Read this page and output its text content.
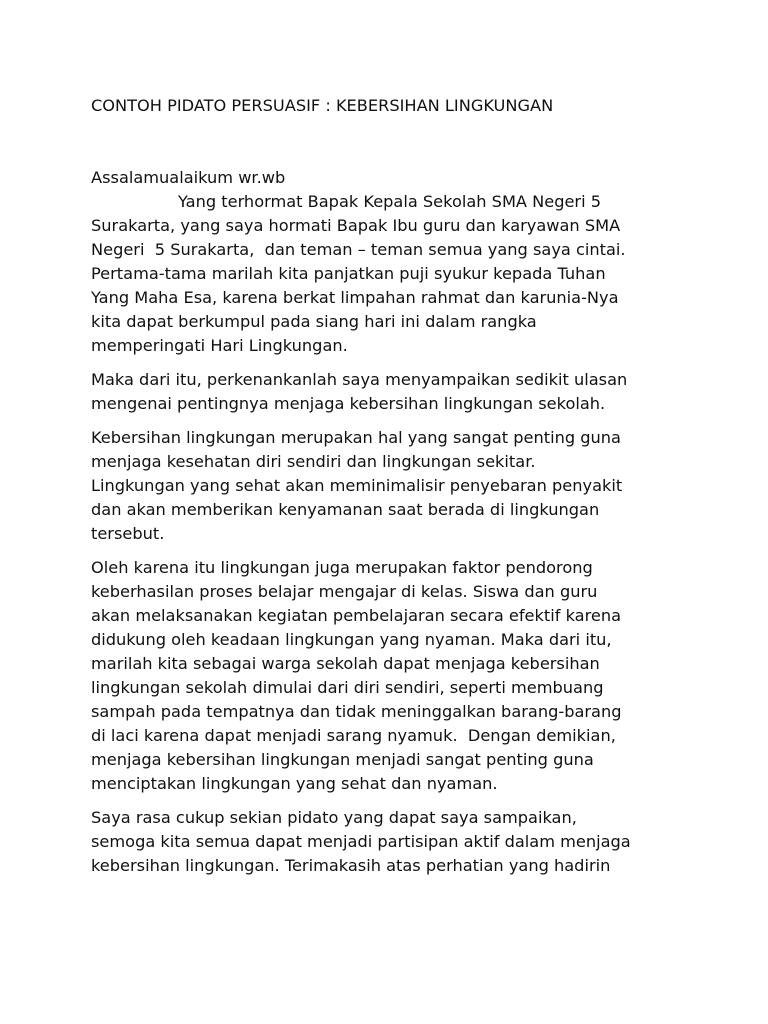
CONTOH PIDATO PERSUASIF : KEBERSIHAN LINGKUNGAN

Assalamualaikum wr.wb

Yang terhormat Bapak Kepala Sekolah SMA Negeri 5
Surakarta, yang saya hormati Bapak Ibu guru dan karyawan SMA
Negeri  5 Surakarta,  dan teman – teman semua yang saya cintai.
Pertama-tama marilah kita panjatkan puji syukur kepada Tuhan
Yang Maha Esa, karena berkat limpahan rahmat dan karunia-Nya
kita dapat berkumpul pada siang hari ini dalam rangka
memperingati Hari Lingkungan.
Maka dari itu, perkenankanlah saya menyampaikan sedikit ulasan
mengenai pentingnya menjaga kebersihan lingkungan sekolah.
Kebersihan lingkungan merupakan hal yang sangat penting guna
menjaga kesehatan diri sendiri dan lingkungan sekitar.
Lingkungan yang sehat akan meminimalisir penyebaran penyakit
dan akan memberikan kenyamanan saat berada di lingkungan
tersebut.
Oleh karena itu lingkungan juga merupakan faktor pendorong
keberhasilan proses belajar mengajar di kelas. Siswa dan guru
akan melaksanakan kegiatan pembelajaran secara efektif karena
didukung oleh keadaan lingkungan yang nyaman. Maka dari itu,
marilah kita sebagai warga sekolah dapat menjaga kebersihan
lingkungan sekolah dimulai dari diri sendiri, seperti membuang
sampah pada tempatnya dan tidak meninggalkan barang-barang
di laci karena dapat menjadi sarang nyamuk.  Dengan demikian,
menjaga kebersihan lingkungan menjadi sangat penting guna
menciptakan lingkungan yang sehat dan nyaman.
Saya rasa cukup sekian pidato yang dapat saya sampaikan,
semoga kita semua dapat menjadi partisipan aktif dalam menjaga
kebersihan lingkungan. Terimakasih atas perhatian yang hadirin
